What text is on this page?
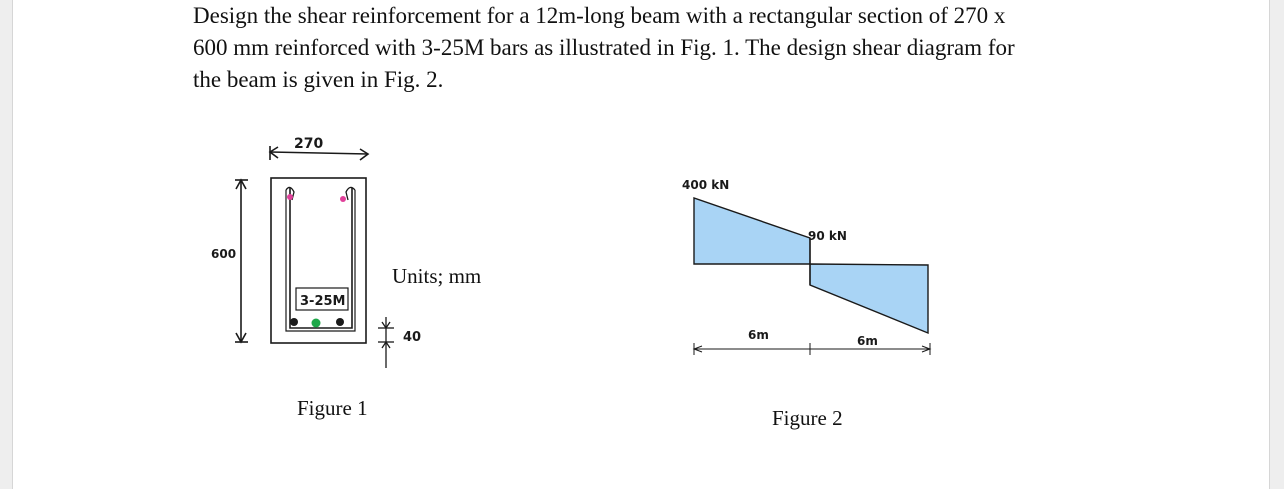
Design the shear reinforcement for a 12m-long beam with a rectangular section of 270 x
600 mm reinforced with 3-25M bars as illustrated in Fig. 1. The design shear diagram for
the beam is given in Fig. 2.

3-25M
270
600
40
400 kN
90 kN
6m	6m
Units; mm
Figure 1	Figure 2
